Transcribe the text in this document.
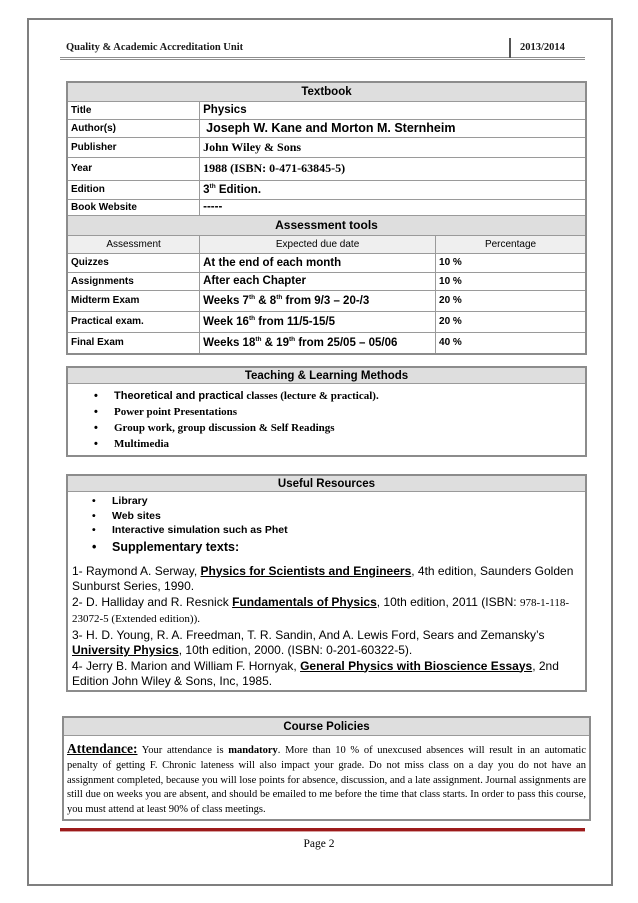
Quality & Academic Accreditation Unit	2013/2014
Textbook		
Title	Physics	
Author(s)	Joseph W. Kane and Morton M. Sternheim	
Publisher	John Wiley & Sons	
Year	1988 (ISBN: 0-471-63845-5)	
Edition	3th Edition.	
Book Website	-----	
Assessment tools		
Assessment	Expected due date	Percentage
Quizzes	At the end of each month	10 %
Assignments	After each Chapter	10 %
Midterm Exam	Weeks 7th & 8th from 9/3 – 20-/3	20 %
Practical exam.	Week 16th from 11/5-15/5	20 %
Final Exam	Weeks 18th & 19th from 25/05 – 05/06	40 %
Teaching & Learning Methods
• Theoretical and practical classes (lecture & practical).
• Power point Presentations
• Group work, group discussion & Self Readings
• Multimedia
Useful Resources
• Library
• Web sites
• Interactive simulation such as Phet
• Supplementary texts:

1- Raymond A. Serway, Physics for Scientists and Engineers, 4th edition, Saunders Golden Sunburst Series, 1990.

2- D. Halliday and R. Resnick Fundamentals of Physics, 10th edition, 2011 (ISBN: 978-1-118-23072-5 (Extended edition)).

3- H. D. Young, R. A. Freedman, T. R. Sandin, And A. Lewis Ford, Sears and Zemansky’s University Physics, 10th edition, 2000. (ISBN: 0-201-60322-5).

4- Jerry B. Marion and William F. Hornyak, General Physics with Bioscience Essays, 2nd Edition John Wiley & Sons, Inc, 1985.

Course Policies
Attendance: Your attendance is mandatory. More than 10 % of unexcused absences will result in an automatic penalty of getting F. Chronic lateness will also impact your grade. Do not miss class on a day you do not have an assignment completed, because you will lose points for absence, discussion, and a late assignment. Journal assignments are still due on weeks you are absent, and should be emailed to me before the time that class starts. In order to pass this course, you must attend at least 90% of class meetings.
Page 2
